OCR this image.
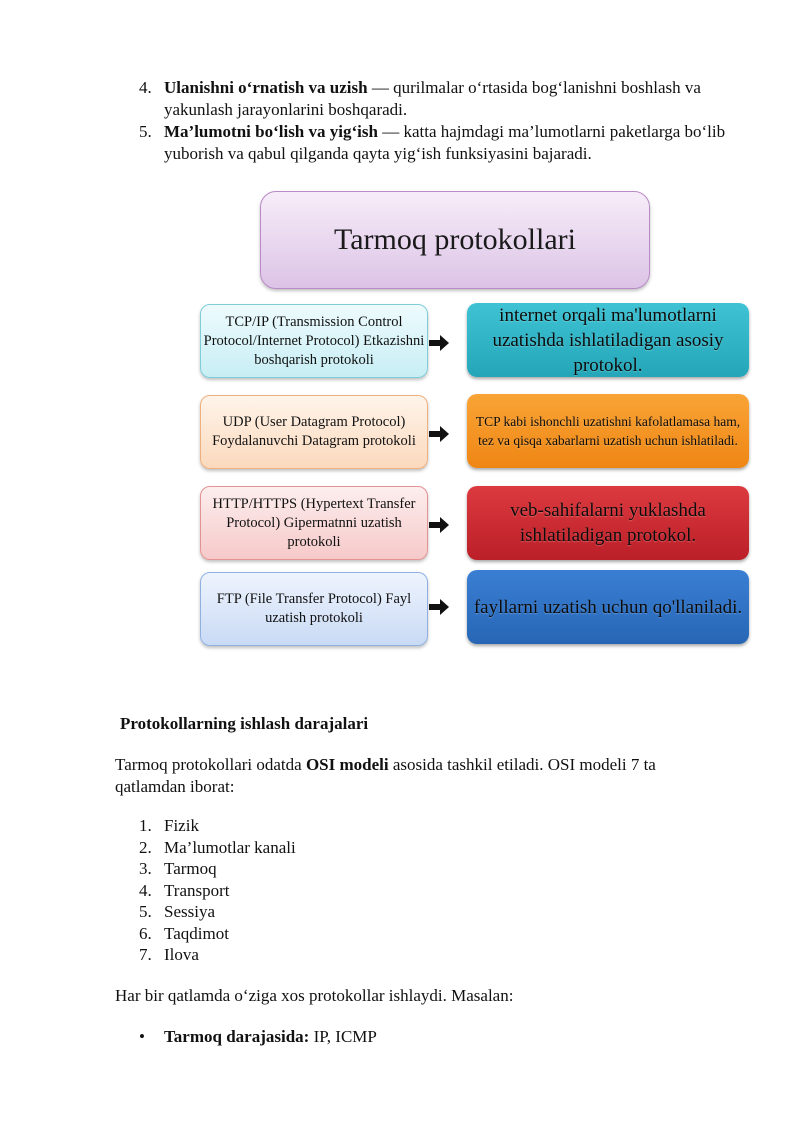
4. Ulanishni oʻrnatish va uzish — qurilmalar oʻrtasida bogʻlanishni boshlash va yakunlash jarayonlarini boshqaradi.
5. Ma’lumotni boʻlish va yigʻish — katta hajmdagi ma’lumotlarni paketlarga boʻlib yuborish va qabul qilganda qayta yigʻish funksiyasini bajaradi.
Tarmoq protokollari
TCP/IP (Transmission Control Protocol/Internet Protocol) Etkazishni boshqarish protokoli
UDP (User Datagram Protocol) Foydalanuvchi Datagram protokoli
HTTP/HTTPS (Hypertext Transfer Protocol) Gipermatnni uzatish protokoli
FTP (File Transfer Protocol) Fayl uzatish protokoli
internet orqali ma'lumotlarni uzatishda ishlatiladigan asosiy protokol.
TCP kabi ishonchli uzatishni kafolatlamasa ham, tez va qisqa xabarlarni uzatish uchun ishlatiladi.
veb-sahifalarni yuklashda ishlatiladigan protokol.
fayllarni uzatish uchun qo'llaniladi.
Protokollarning ishlash darajalari

Tarmoq protokollari odatda OSI modeli asosida tashkil etiladi. OSI modeli 7 ta qatlamdan iborat:

1. Fizik
2. Ma’lumotlar kanali
3. Tarmoq
4. Transport
5. Sessiya
6. Taqdimot
7. Ilova

Har bir qatlamda oʻziga xos protokollar ishlaydi. Masalan:

• Tarmoq darajasida: IP, ICMP
